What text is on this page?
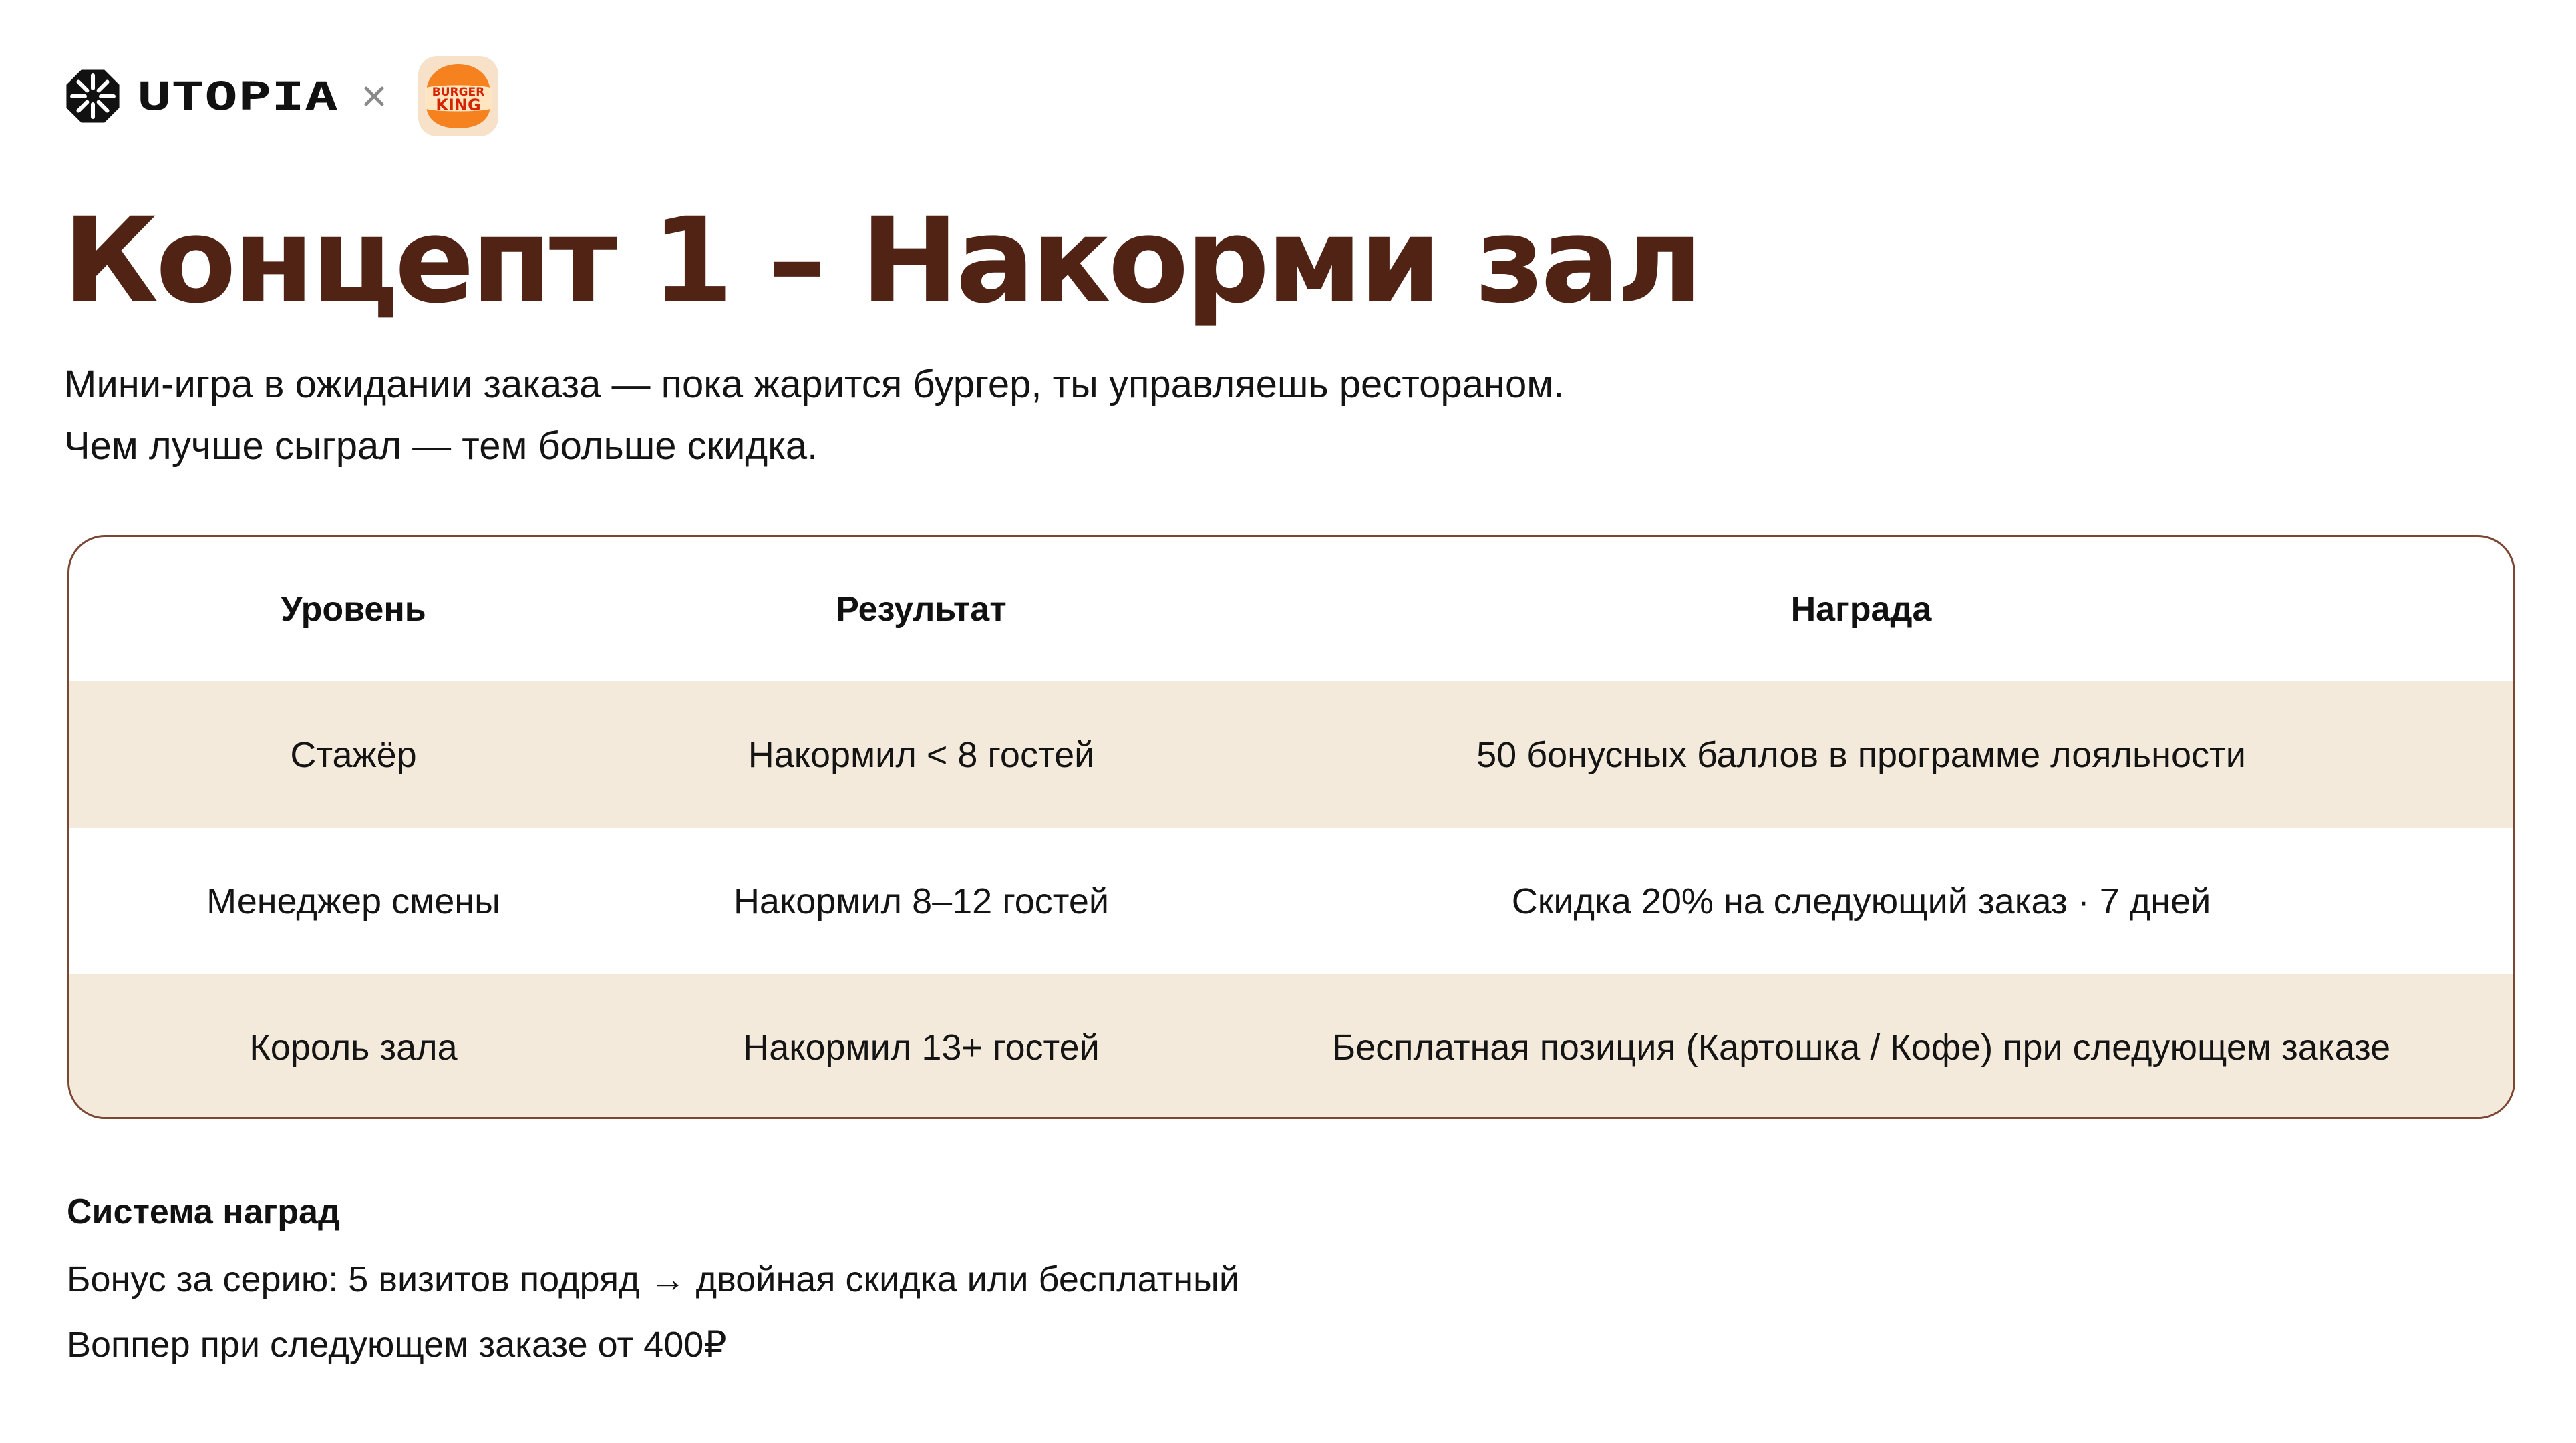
UTOPIA	BURGER
KING
Концепт 1 – Накорми зал

Мини-игра в ожидании заказа — пока жарится бургер, ты управляешь рестораном.
Чем лучше сыграл — тем больше скидка.

Уровень	Результат	Награда
Стажёр	Накормил < 8 гостей	50 бонусных баллов в программе лояльности
Менеджер смены	Накормил 8–12 гостей	Скидка 20% на следующий заказ · 7 дней
Король зала	Накормил 13+ гостей	Бесплатная позиция (Картошка / Кофе) при следующем заказе

Система наград

Бонус за серию: 5 визитов подряд → двойная скидка или бесплатный

Воппер при следующем заказе от 400₽
